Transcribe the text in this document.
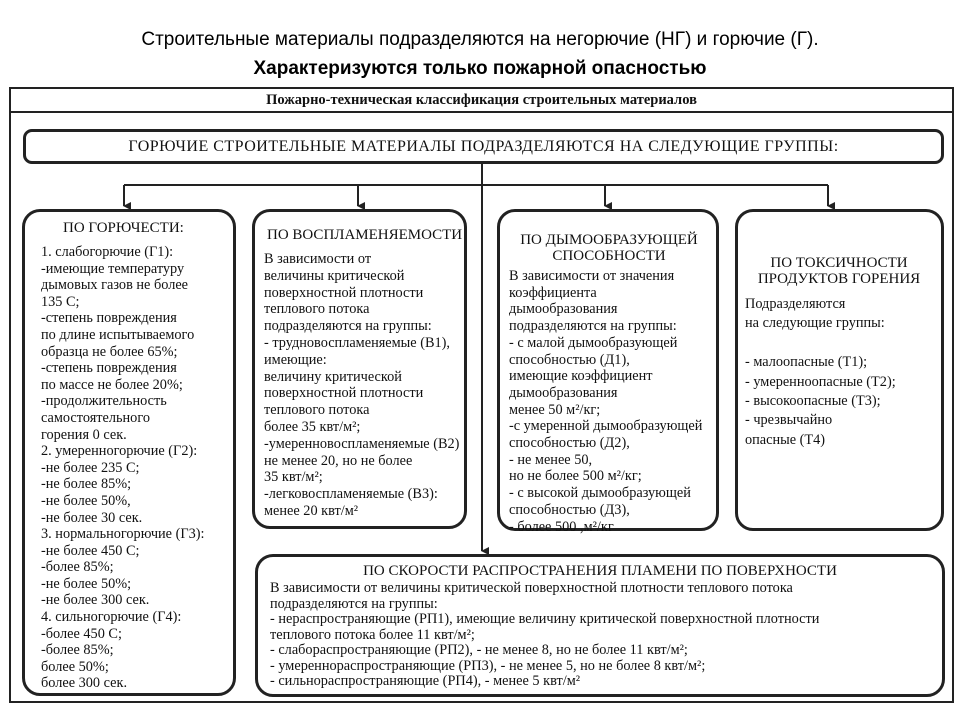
Строительные материалы подразделяются на негорючие (НГ) и горючие (Г).
Характеризуются только пожарной опасностью
Пожарно-техническая классификация строительных материалов
ГОРЮЧИЕ СТРОИТЕЛЬНЫЕ МАТЕРИАЛЫ ПОДРАЗДЕЛЯЮТСЯ НА СЛЕДУЮЩИЕ ГРУППЫ:
ПО ГОРЮЧЕСТИ:
1. слабогорючие (Г1):
-имеющие температуру
дымовых газов не более
135 С;
-степень повреждения
по длине испытываемого
образца не более 65%;
-степень повреждения
по массе не более 20%;
-продолжительность
самостоятельного
горения 0 сек.
2. умеренногорючие (Г2):
-не более 235 С;
-не более 85%;
-не более 50%,
-не более 30 сек.
3. нормальногорючие (Г3):
-не более 450 С;
-более 85%;
-не более 50%;
-не более 300 сек.
4. сильногорючие (Г4):
-более 450 С;
-более 85%;
более 50%;
более 300 сек.
ПО ВОСПЛАМЕНЯЕМОСТИ
В зависимости от
величины критической
поверхностной плотности
теплового потока
подразделяются на группы:
- трудновоспламеняемые (В1),
имеющие:
величину критической
поверхностной плотности
теплового потока
более 35 квт/м²;
-умеренновоспламеняемые (В2)
не менее 20, но не более
35 квт/м²;
-легковоспламеняемые (В3):
менее 20 квт/м²
ПО ДЫМООБРАЗУЮЩЕЙ СПОСОБНОСТИ
В зависимости от значения
коэффициента
дымообразования
подразделяются на группы:
- с малой дымообразующей
способностью (Д1),
имеющие коэффициент
дымообразования
менее 50 м²/кг;
-с умеренной дымообразующей
способностью (Д2),
- не менее 50,
но не более 500 м²/кг;
- с высокой дымообразующей
способностью (Д3),
- более 500 ,м²/кг
ПО ТОКСИЧНОСТИ ПРОДУКТОВ ГОРЕНИЯ
Подразделяются
на следующие группы:

- малоопасные (Т1);
- умеренноопасные (Т2);
- высокоопасные (Т3);
- чрезвычайно
опасные (Т4)
ПО СКОРОСТИ РАСПРОСТРАНЕНИЯ ПЛАМЕНИ ПО ПОВЕРХНОСТИ
В зависимости от величины критической поверхностной плотности теплового потока
подразделяются на группы:
- нераспространяющие (РП1), имеющие величину критической поверхностной плотности
теплового потока более 11 квт/м²;
- слабораспространяющие (РП2), - не менее 8, но не более 11 квт/м²;
- умереннораспространяющие (РП3), - не менее 5, но не более 8 квт/м²;
- сильнораспространяющие (РП4), - менее 5 квт/м²
